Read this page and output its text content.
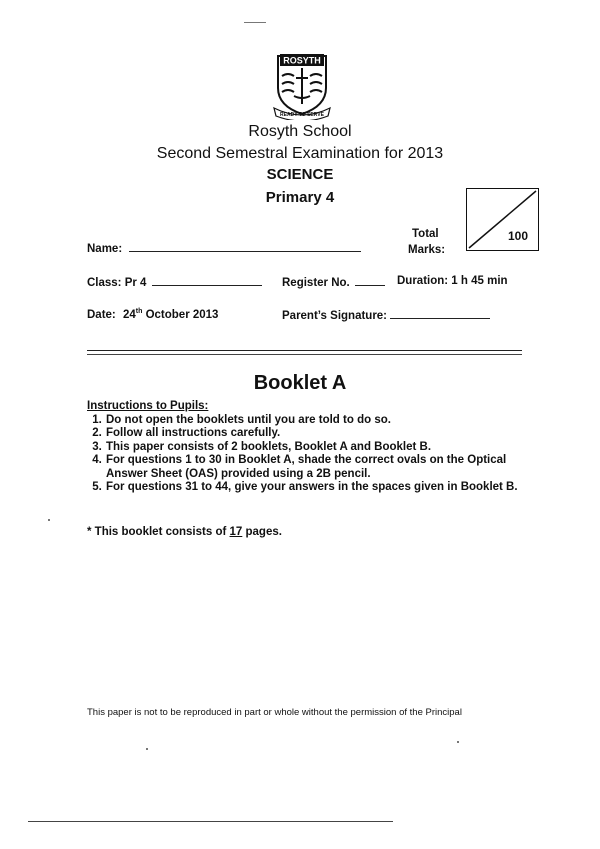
ROSYTH
READY TO SERVE
Rosyth School
Second Semestral Examination for 2013
SCIENCE
Primary 4
Name:
Total
Marks:
100
Class: Pr 4	Register No.	Duration: 1 h 45 min
Date: 24th October 2013	Parent’s Signature:
Booklet A
Instructions to Pupils:
1. Do not open the booklets until you are told to do so.
2. Follow all instructions carefully.
3. This paper consists of 2 booklets, Booklet A and Booklet B.
4. For questions 1 to 30 in Booklet A, shade the correct ovals on the Optical Answer Sheet (OAS) provided using a 2B pencil.
5. For questions 31 to 44, give your answers in the spaces given in Booklet B.
* This booklet consists of 17 pages.
This paper is not to be reproduced in part or whole without the permission of the Principal
